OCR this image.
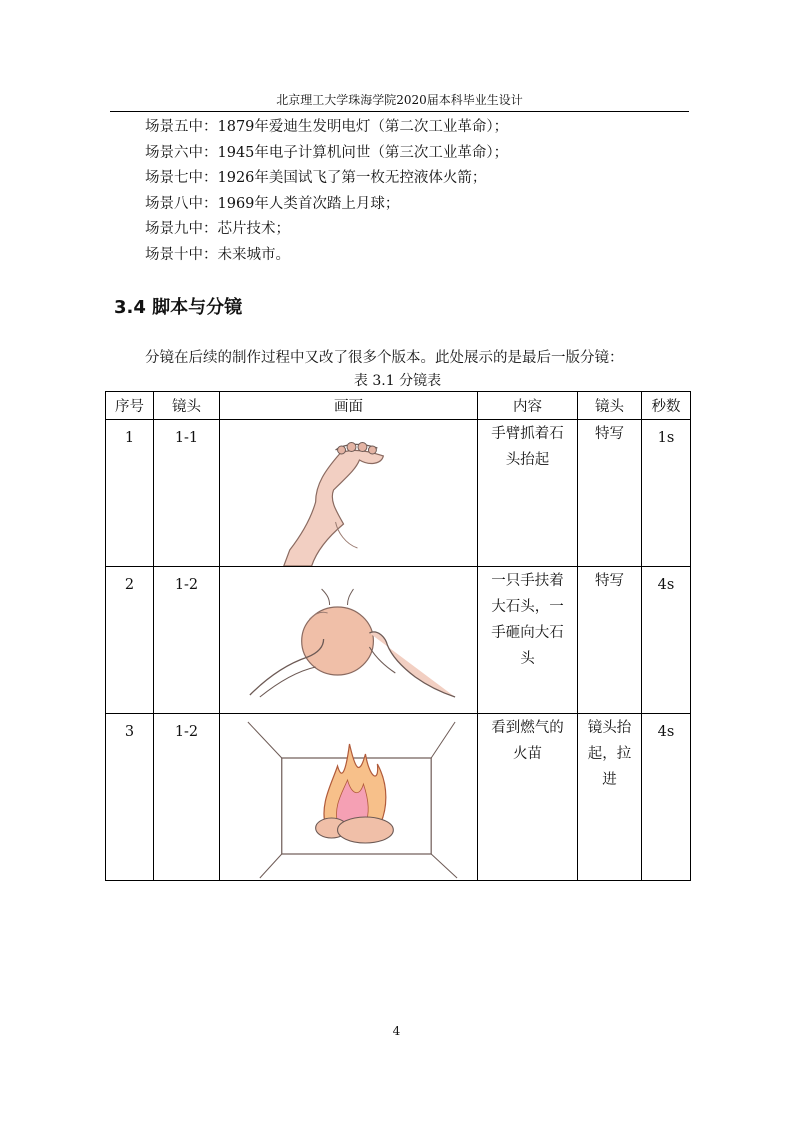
北京理工大学珠海学院2020届本科毕业生设计
场景五中：1879年爱迪生发明电灯（第二次工业革命）；
场景六中：1945年电子计算机问世（第三次工业革命）；
场景七中：1926年美国试飞了第一枚无控液体火箭；
场景八中：1969年人类首次踏上月球；
场景九中：芯片技术；
场景十中：未来城市。
3.4 脚本与分镜
分镜在后续的制作过程中又改了很多个版本。此处展示的是最后一版分镜：
表 3.1 分镜表
序号	镜头	画面	内容	镜头	秒数

1	1-1		手臂抓着石头抬起	特写	1s

2	1-2		一只手扶着大石头，一手砸向大石头	特写	4s

3	1-2		看到燃气的火苗	镜头抬起，拉进	4s
4
